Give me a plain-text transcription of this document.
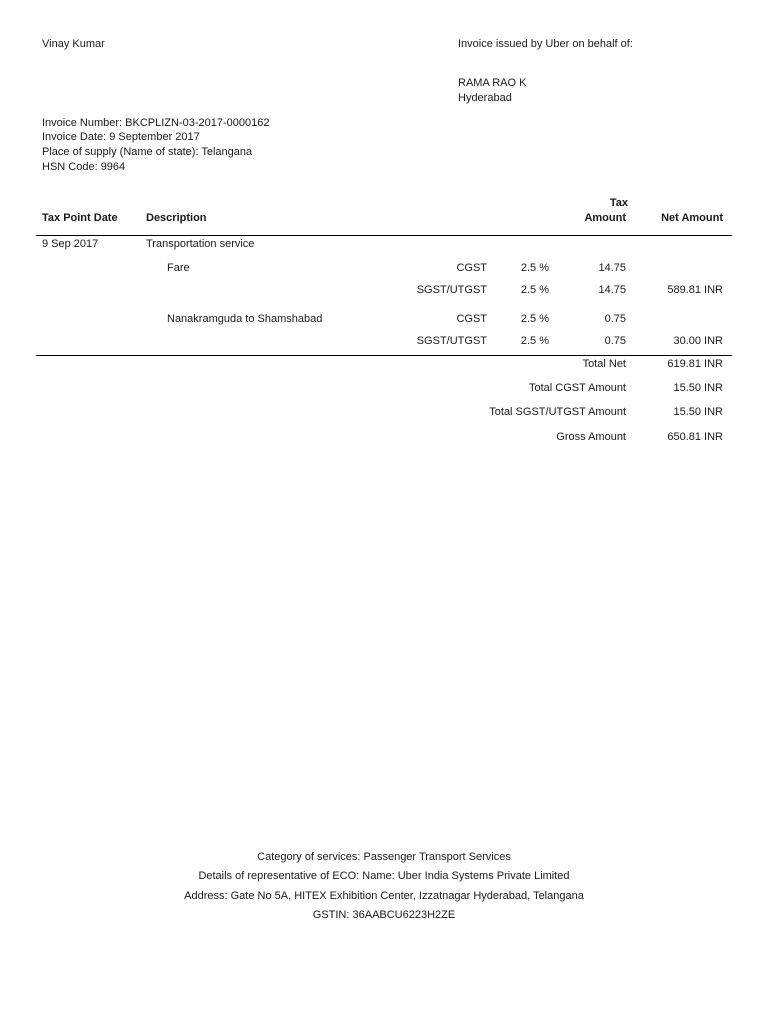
Vinay Kumar	Invoice issued by Uber on behalf of:
RAMA RAO K
Hyderabad
Invoice Number: BKCPLIZN-03-2017-0000162
Invoice Date: 9 September 2017
Place of supply (Name of state): Telangana
HSN Code: 9964
Tax Point Date	Description
Tax
Amount	Net Amount
9 Sep 2017	Transportation service
Fare	CGST	2.5 %	14.75
SGST/UTGST	2.5 %	14.75	589.81 INR
Nanakramguda to Shamshabad	CGST	2.5 %	0.75
SGST/UTGST	2.5 %	0.75	30.00 INR
Total Net	619.81 INR
Total CGST Amount	15.50 INR
Total SGST/UTGST Amount	15.50 INR
Gross Amount	650.81 INR
Category of services: Passenger Transport Services
Details of representative of ECO: Name: Uber India Systems Private Limited
Address: Gate No 5A, HITEX Exhibition Center, Izzatnagar Hyderabad, Telangana
GSTIN: 36AABCU6223H2ZE
